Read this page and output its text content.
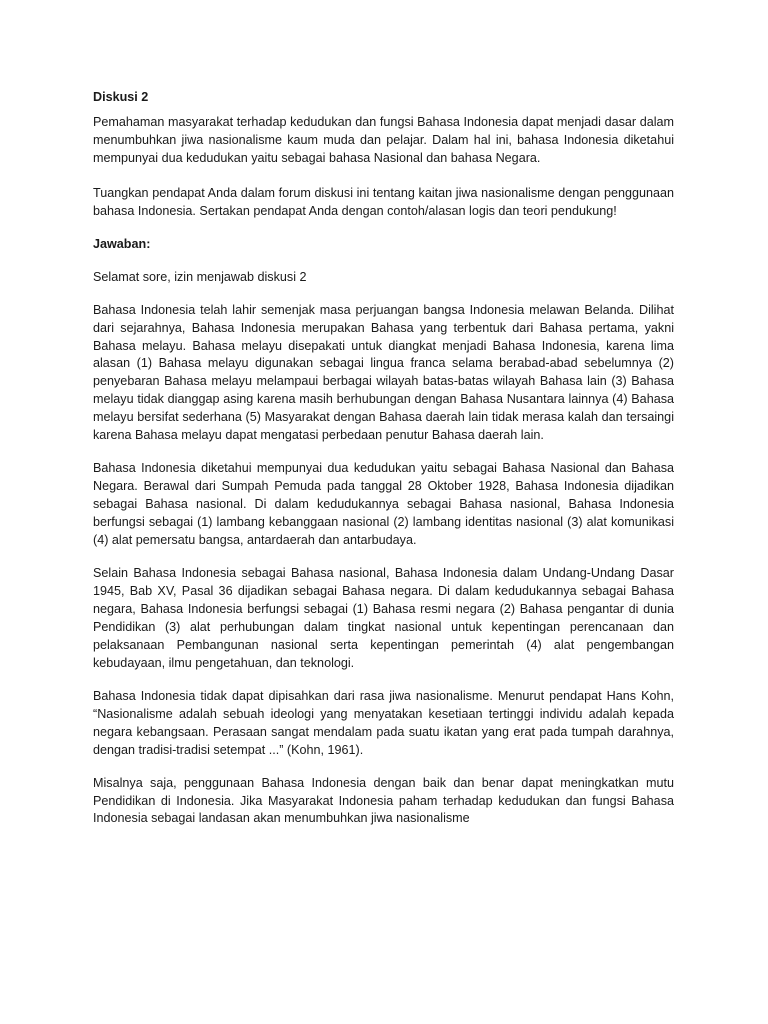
Diskusi 2

Pemahaman masyarakat terhadap kedudukan dan fungsi Bahasa Indonesia dapat menjadi dasar dalam menumbuhkan jiwa nasionalisme kaum muda dan pelajar. Dalam hal ini, bahasa Indonesia diketahui mempunyai dua kedudukan yaitu sebagai bahasa Nasional dan bahasa Negara.

Tuangkan pendapat Anda dalam forum diskusi ini tentang kaitan jiwa nasionalisme dengan penggunaan bahasa Indonesia. Sertakan pendapat Anda dengan contoh/alasan logis dan teori pendukung!

Jawaban:

Selamat sore, izin menjawab diskusi 2

Bahasa Indonesia telah lahir semenjak masa perjuangan bangsa Indonesia melawan Belanda. Dilihat dari sejarahnya, Bahasa Indonesia merupakan Bahasa yang terbentuk dari Bahasa pertama, yakni Bahasa melayu. Bahasa melayu disepakati untuk diangkat menjadi Bahasa Indonesia, karena lima alasan (1) Bahasa melayu digunakan sebagai lingua franca selama berabad-abad sebelumnya (2) penyebaran Bahasa melayu melampaui berbagai wilayah batas-batas wilayah Bahasa lain (3) Bahasa melayu tidak dianggap asing karena masih berhubungan dengan Bahasa Nusantara lainnya (4) Bahasa melayu bersifat sederhana (5) Masyarakat dengan Bahasa daerah lain tidak merasa kalah dan tersaingi karena Bahasa melayu dapat mengatasi perbedaan penutur Bahasa daerah lain.

Bahasa Indonesia diketahui mempunyai dua kedudukan yaitu sebagai Bahasa Nasional dan Bahasa Negara. Berawal dari Sumpah Pemuda pada tanggal 28 Oktober 1928, Bahasa Indonesia dijadikan sebagai Bahasa nasional. Di dalam kedudukannya sebagai Bahasa nasional, Bahasa Indonesia berfungsi sebagai (1) lambang kebanggaan nasional (2) lambang identitas nasional (3) alat komunikasi (4) alat pemersatu bangsa, antardaerah dan antarbudaya.

Selain Bahasa Indonesia sebagai Bahasa nasional, Bahasa Indonesia dalam Undang-Undang Dasar 1945, Bab XV, Pasal 36 dijadikan sebagai Bahasa negara. Di dalam kedudukannya sebagai Bahasa negara, Bahasa Indonesia berfungsi sebagai (1) Bahasa resmi negara (2) Bahasa pengantar di dunia Pendidikan (3) alat perhubungan dalam tingkat nasional untuk kepentingan perencanaan dan pelaksanaan Pembangunan nasional serta kepentingan pemerintah (4) alat pengembangan kebudayaan, ilmu pengetahuan, dan teknologi.

Bahasa Indonesia tidak dapat dipisahkan dari rasa jiwa nasionalisme. Menurut pendapat Hans Kohn, “Nasionalisme adalah sebuah ideologi yang menyatakan kesetiaan tertinggi individu adalah kepada negara kebangsaan. Perasaan sangat mendalam pada suatu ikatan yang erat pada tumpah darahnya, dengan tradisi-tradisi setempat ...” (Kohn, 1961).

Misalnya saja, penggunaan Bahasa Indonesia dengan baik dan benar dapat meningkatkan mutu Pendidikan di Indonesia. Jika Masyarakat Indonesia paham terhadap kedudukan dan fungsi Bahasa Indonesia sebagai landasan akan menumbuhkan jiwa nasionalisme
